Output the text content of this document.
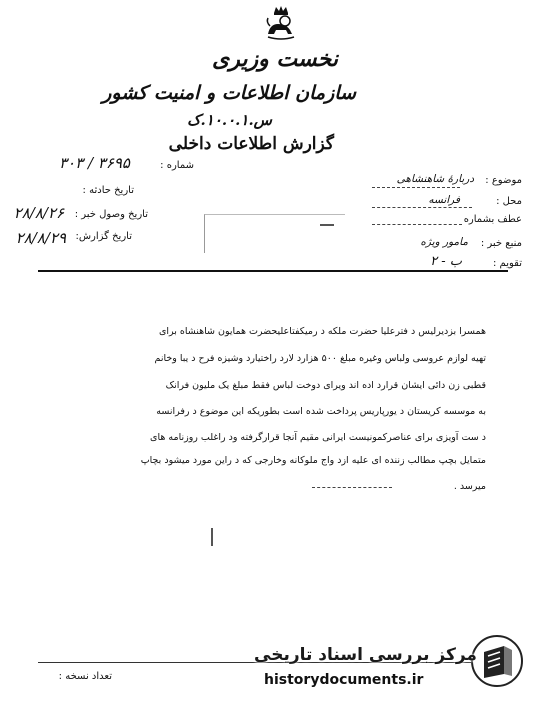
نخست وزیری
سازمان اطلاعات و امنیت کشور
س.۱۰.۰.۱.ک
گزارش اطلاعات داخلی
شماره :
۳۶۹۵ / ۳۰۳
تاریخ حادثه :
تاریخ وصول خبر :
۲۸/۸/۲۶
تاریخ گزارش:
۲۸/۸/۲۹
موضوع :
دربارۀ شاهنشاهی
محل :
فرانسه
عطف بشماره
منبع خبر :
مامور ویژه
تقویم :
ب - ۲
همسرا بزدیرلیس د فترعلیا حضرت ملکه د رمیکفتاعلیحضرت همایون شاهنشاه برای
تهیه لوازم عروسی ولباس وغیره مبلغ ۵۰۰ هزارد لارد راختیارد وشیزه فرح د یبا وخانم
قطبی زن دائی ایشان قرارد اده اند ویرای دوخت لباس فقط مبلغ یک ملیون فرانک
به موسسه کریستان د یورپاریس پرداخت شده است بطوریکه این موضوع د رفرانسه
د ست آویزی برای عناصرکمونیست ایرانی مقیم آنجا قرارگرفته ود راغلب روزنامه های
متمایل بچپ مطالب زننده ای علیه ازد واج ملوکانه وخارجی که د راین مورد میشود بچاپ
میرسد .
تعداد نسخه :
مرکز بررسی اسناد تاریخی
historydocuments.ir
